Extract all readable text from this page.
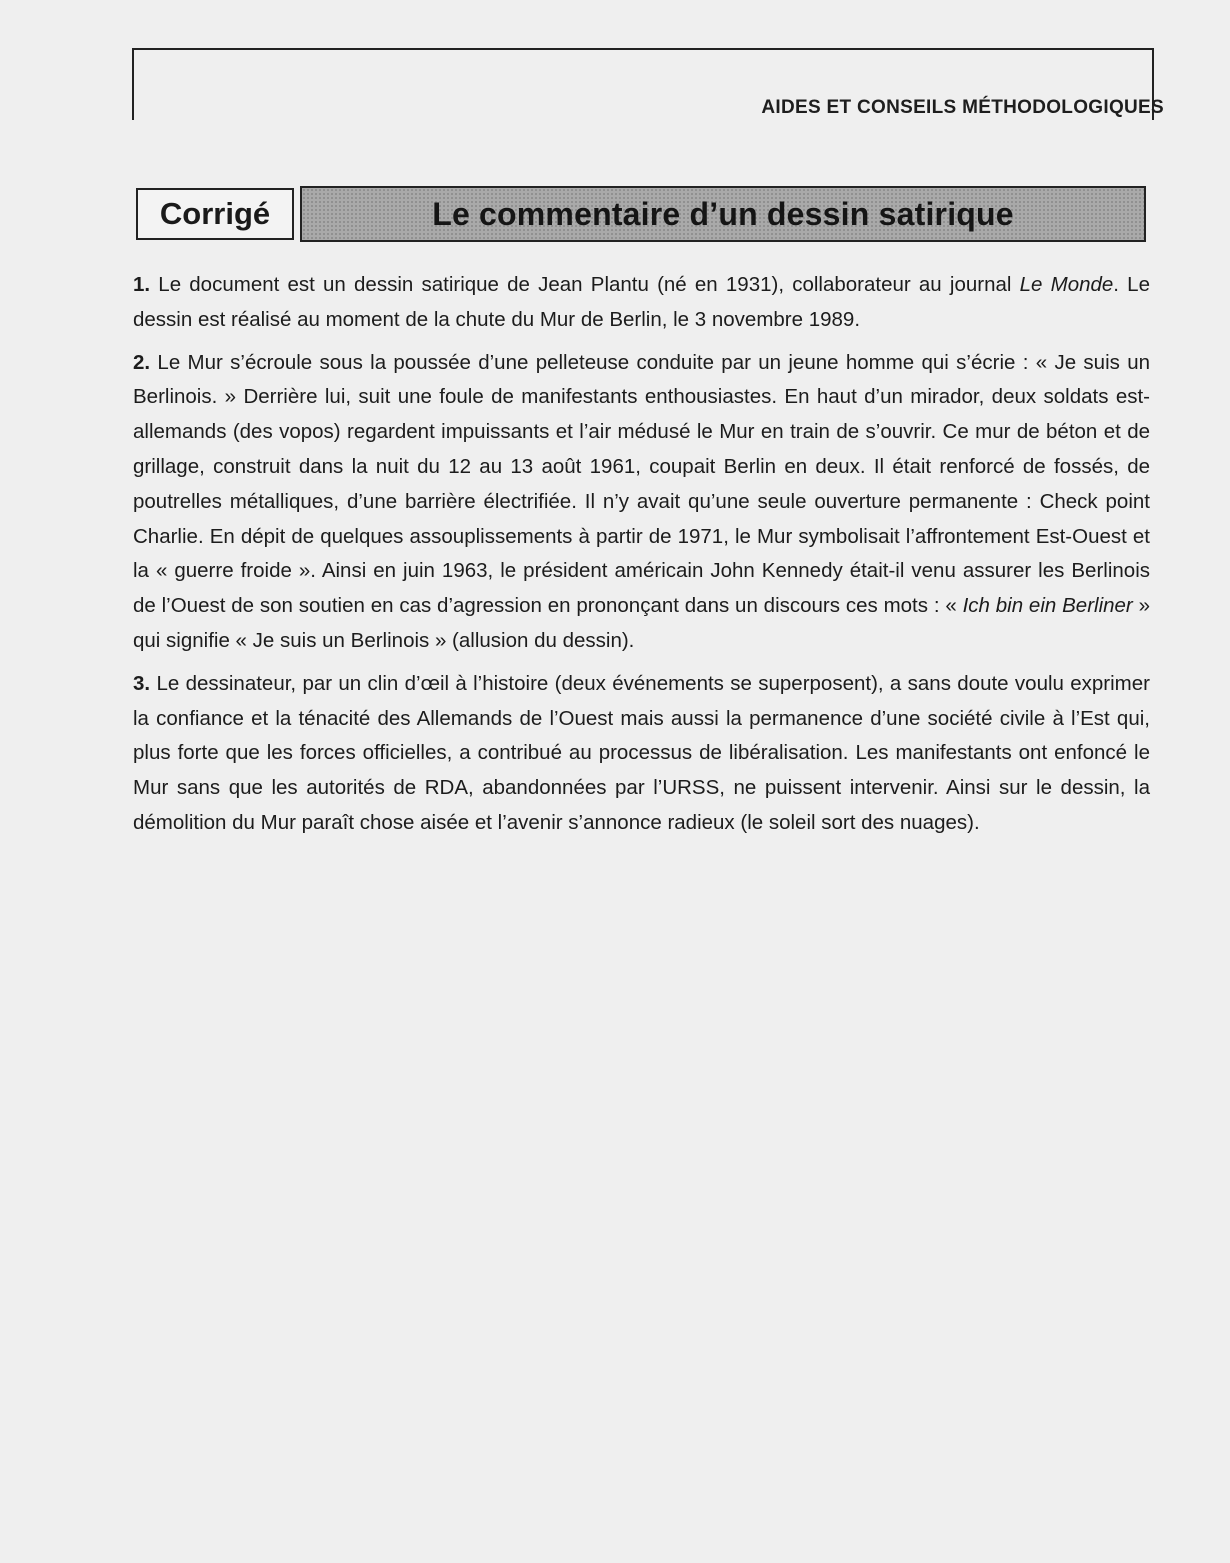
AIDES ET CONSEILS MÉTHODOLOGIQUES
Corrigé	Le commentaire d’un dessin satirique

1. Le document est un dessin satirique de Jean Plantu (né en 1931), collaborateur au journal Le Monde. Le dessin est réalisé au moment de la chute du Mur de Berlin, le 3 novembre 1989.

2. Le Mur s’écroule sous la poussée d’une pelleteuse conduite par un jeune homme qui s’écrie : « Je suis un Berlinois. » Derrière lui, suit une foule de manifestants enthousiastes. En haut d’un mirador, deux soldats est-allemands (des vopos) regardent impuissants et l’air médusé le Mur en train de s’ouvrir. Ce mur de béton et de grillage, construit dans la nuit du 12 au 13 août 1961, coupait Berlin en deux. Il était renforcé de fossés, de poutrelles métalliques, d’une barrière électrifiée. Il n’y avait qu’une seule ouverture permanente : Check point Charlie. En dépit de quelques assouplissements à partir de 1971, le Mur symbolisait l’affrontement Est-Ouest et la « guerre froide ». Ainsi en juin 1963, le président américain John Kennedy était-il venu assurer les Berlinois de l’Ouest de son soutien en cas d’agression en prononçant dans un discours ces mots : « Ich bin ein Berliner » qui signifie « Je suis un Berlinois » (allusion du dessin).

3. Le dessinateur, par un clin d’œil à l’histoire (deux événements se superposent), a sans doute voulu exprimer la confiance et la ténacité des Allemands de l’Ouest mais aussi la permanence d’une société civile à l’Est qui, plus forte que les forces officielles, a contribué au processus de libéralisation. Les manifestants ont enfoncé le Mur sans que les autorités de RDA, abandonnées par l’URSS, ne puissent intervenir. Ainsi sur le dessin, la démolition du Mur paraît chose aisée et l’avenir s’annonce radieux (le soleil sort des nuages).
